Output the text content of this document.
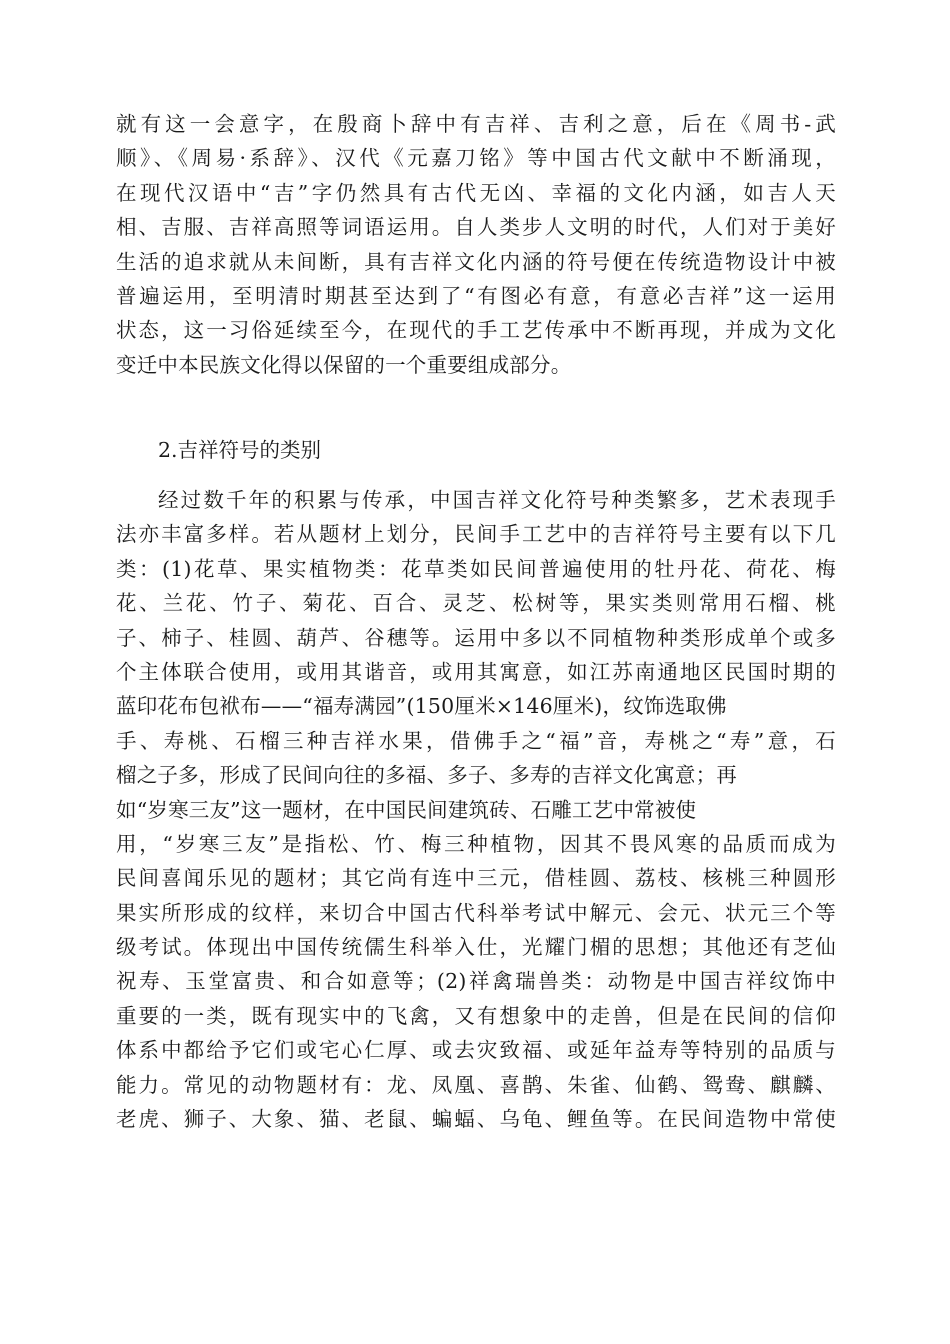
就有这一会意字，在殷商卜辞中有吉祥、吉利之意，后在《周书-武
顺》、《周易·系辞》、汉代《元嘉刀铭》等中国古代文献中不断涌现，
在现代汉语中“吉”字仍然具有古代无凶、幸福的文化内涵，如吉人天
相、吉服、吉祥高照等词语运用。自人类步人文明的时代，人们对于美好
生活的追求就从未间断，具有吉祥文化内涵的符号便在传统造物设计中被
普遍运用，至明清时期甚至达到了“有图必有意，有意必吉祥”这一运用
状态，这一习俗延续至今，在现代的手工艺传承中不断再现，并成为文化
变迁中本民族文化得以保留的一个重要组成部分。
2.吉祥符号的类别
经过数千年的积累与传承，中国吉祥文化符号种类繁多，艺术表现手
法亦丰富多样。若从题材上划分，民间手工艺中的吉祥符号主要有以下几
类：(1)花草、果实植物类：花草类如民间普遍使用的牡丹花、荷花、梅
花、兰花、竹子、菊花、百合、灵芝、松树等，果实类则常用石榴、桃
子、柿子、桂圆、葫芦、谷穗等。运用中多以不同植物种类形成单个或多
个主体联合使用，或用其谐音，或用其寓意，如江苏南通地区民国时期的
蓝印花布包袱布——“福寿满园”(150厘米×146厘米)，纹饰选取佛
手、寿桃、石榴三种吉祥水果，借佛手之“福”音，寿桃之“寿”意，石
榴之子多，形成了民间向往的多福、多子、多寿的吉祥文化寓意；再
如“岁寒三友”这一题材，在中国民间建筑砖、石雕工艺中常被使
用，“岁寒三友”是指松、竹、梅三种植物，因其不畏风寒的品质而成为
民间喜闻乐见的题材；其它尚有连中三元，借桂圆、荔枝、核桃三种圆形
果实所形成的纹样，来切合中国古代科举考试中解元、会元、状元三个等
级考试。体现出中国传统儒生科举入仕，光耀门楣的思想；其他还有芝仙
祝寿、玉堂富贵、和合如意等；(2)祥禽瑞兽类：动物是中国吉祥纹饰中
重要的一类，既有现实中的飞禽，又有想象中的走兽，但是在民间的信仰
体系中都给予它们或宅心仁厚、或去灾致福、或延年益寿等特别的品质与
能力。常见的动物题材有：龙、凤凰、喜鹊、朱雀、仙鹤、鸳鸯、麒麟、
老虎、狮子、大象、猫、老鼠、蝙蝠、乌龟、鲤鱼等。在民间造物中常使
